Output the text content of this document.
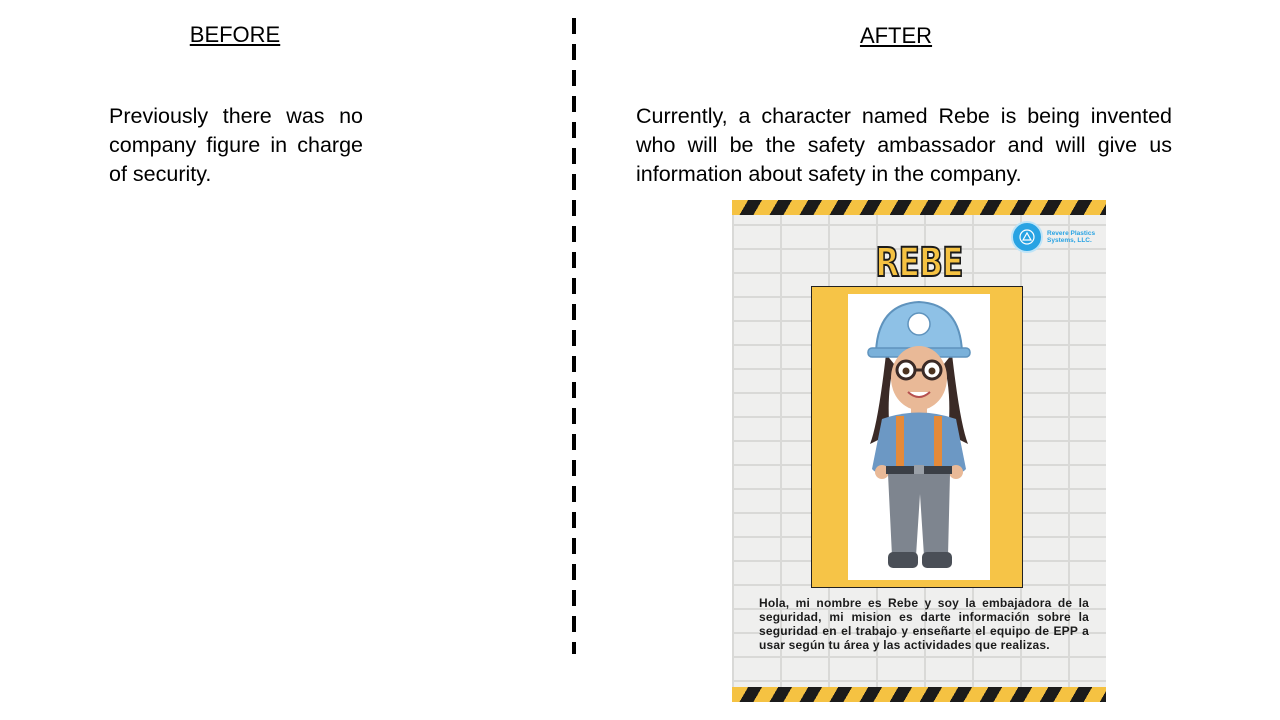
BEFORE
Previously there was no company figure in charge of security.
AFTER
Currently, a character named Rebe is being invented who will be the safety ambassador and will give us information about safety in the company.
Revere Plastics Systems, LLC.
REBE
Hola, mi nombre es Rebe y soy la embajadora de la seguridad, mi mision es darte información sobre la seguridad en el trabajo y enseñarte el equipo de EPP a usar según tu área y las actividades que realizas.
